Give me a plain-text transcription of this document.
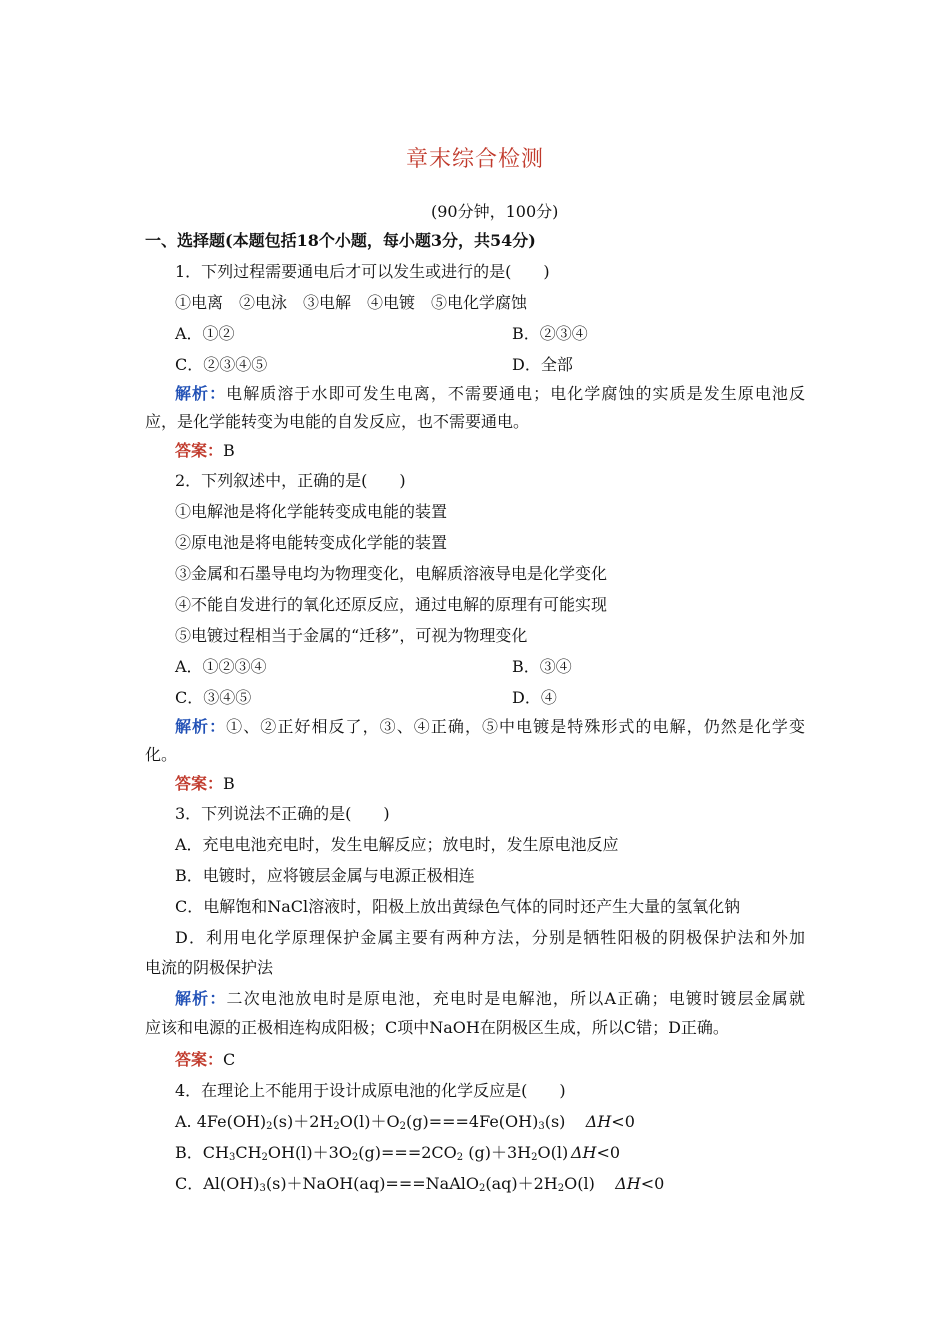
章末综合检测
(90分钟，100分)
一、选择题(本题包括18个小题，每小题3分，共54分)
1．下列过程需要通电后才可以发生或进行的是(　　)
①电离　②电泳　③电解　④电镀　⑤电化学腐蚀
A．①②	B．②③④
C．②③④⑤	D．全部
解析：电解质溶于水即可发生电离，不需要通电；电化学腐蚀的实质是发生原电池反
应，是化学能转变为电能的自发反应，也不需要通电。
答案：B
2．下列叙述中，正确的是(　　)
①电解池是将化学能转变成电能的装置
②原电池是将电能转变成化学能的装置
③金属和石墨导电均为物理变化，电解质溶液导电是化学变化
④不能自发进行的氧化还原反应，通过电解的原理有可能实现
⑤电镀过程相当于金属的“迁移”，可视为物理变化
A．①②③④	B．③④
C．③④⑤	D．④
解析：①、②正好相反了，③、④正确，⑤中电镀是特殊形式的电解，仍然是化学变
化。
答案：B
3．下列说法不正确的是(　　)
A．充电电池充电时，发生电解反应；放电时，发生原电池反应
B．电镀时，应将镀层金属与电源正极相连
C．电解饱和NaCl溶液时，阳极上放出黄绿色气体的同时还产生大量的氢氧化钠
D．利用电化学原理保护金属主要有两种方法，分别是牺牲阳极的阴极保护法和外加
电流的阴极保护法
解析：二次电池放电时是原电池，充电时是电解池，所以A正确；电镀时镀层金属就
应该和电源的正极相连构成阳极；C项中NaOH在阴极区生成，所以C错；D正确。
答案：C
4．在理论上不能用于设计成原电池的化学反应是(　　)
A. $4Fe(OH)_2(s)+2H_2O(l)+O_2(g)===4Fe(OH)_3(s)$    ΔH<0
B．$CH_3CH_2OH(l)+3O_2(g)===2CO_2$ $(g)+3H_2O(l)$ ΔH<0
C．$Al(OH)_3(s)+NaOH(aq)===NaAlO_2(aq)+2H_2O(l)$    ΔH<0
